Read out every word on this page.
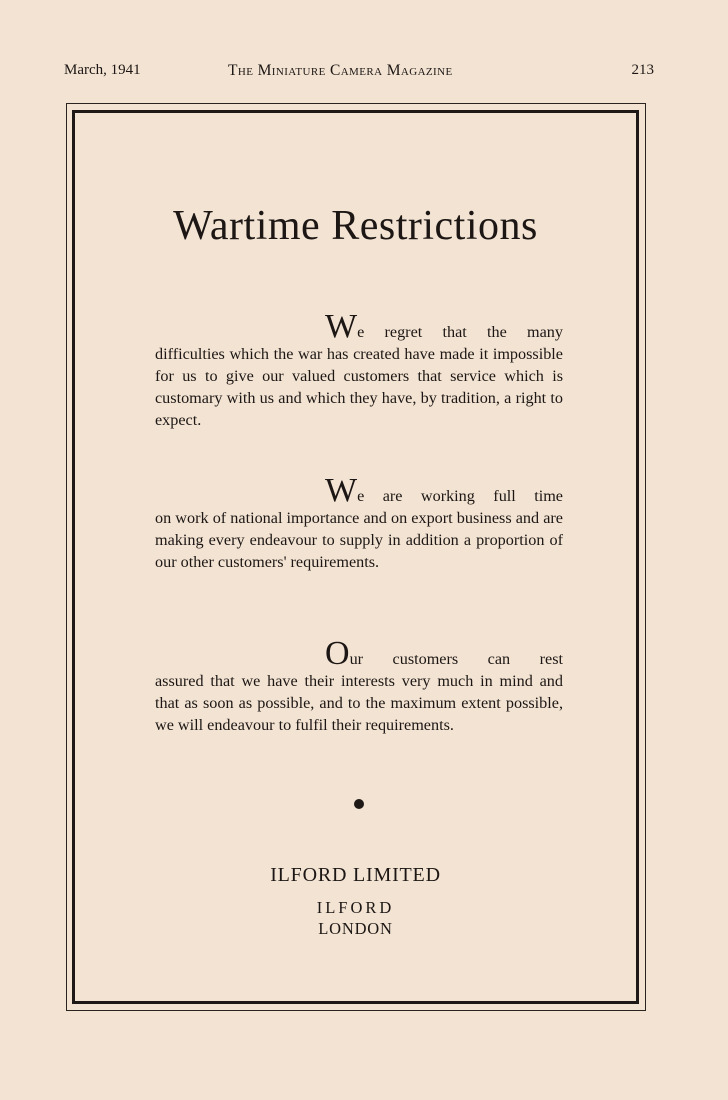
March, 1941	The Miniature Camera Magazine	213
Wartime Restrictions

We regret that the many
difficulties which the war has created have made it impossible for us to give our valued customers that service which is customary with us and which they have, by tradition, a right to expect.

We are working full time
on work of national importance and on export business and are making every endeavour to supply in addition a proportion of our other customers' requirements.

Our customers can rest
assured that we have their interests very much in mind and that as soon as possible, and to the maximum extent possible, we will endeavour to fulfil their requirements.

ILFORD LIMITED
ILFORD
LONDON
